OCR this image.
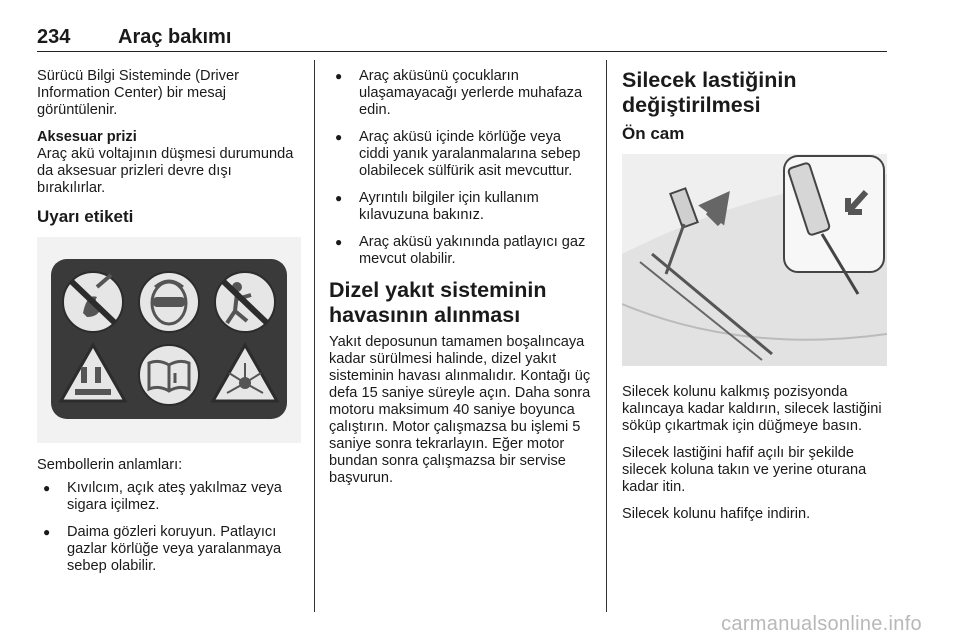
234 Araç bakımı

Sürücü Bilgi Sisteminde (Driver Information Center) bir mesaj görüntülenir.

Aksesuar prizi

Araç akü voltajının düşmesi durumunda da aksesuar prizleri devre dışı bırakılırlar.

Uyarı etiketi

Sembollerin anlamları:

● Kıvılcım, açık ateş yakılmaz veya sigara içilmez.
● Daima gözleri koruyun. Patlayıcı gazlar körlüğe veya yaralanmaya sebep olabilir.
● Araç aküsünü çocukların ulaşamayacağı yerlerde muhafaza edin.
● Araç aküsü içinde körlüğe veya ciddi yanık yaralanmalarına sebep olabilecek sülfürik asit mevcuttur.
● Ayrıntılı bilgiler için kullanım kılavuzuna bakınız.
● Araç aküsü yakınında patlayıcı gaz mevcut olabilir.
Dizel yakıt sisteminin havasının alınması

Yakıt deposunun tamamen boşalıncaya kadar sürülmesi halinde, dizel yakıt sisteminin havası alınmalıdır. Kontağı üç defa 15 saniye süreyle açın. Daha sonra motoru maksimum 40 saniye boyunca çalıştırın. Motor çalışmazsa bu işlemi 5 saniye sonra tekrarlayın. Eğer motor bundan sonra çalışmazsa bir servise başvurun.

Silecek lastiğinin değiştirilmesi
Ön cam

Silecek kolunu kalkmış pozisyonda kalıncaya kadar kaldırın, silecek lastiğini söküp çıkartmak için düğmeye basın.

Silecek lastiğini hafif açılı bir şekilde silecek koluna takın ve yerine oturana kadar itin.

Silecek kolunu hafifçe indirin.

carmanualsonline.info
